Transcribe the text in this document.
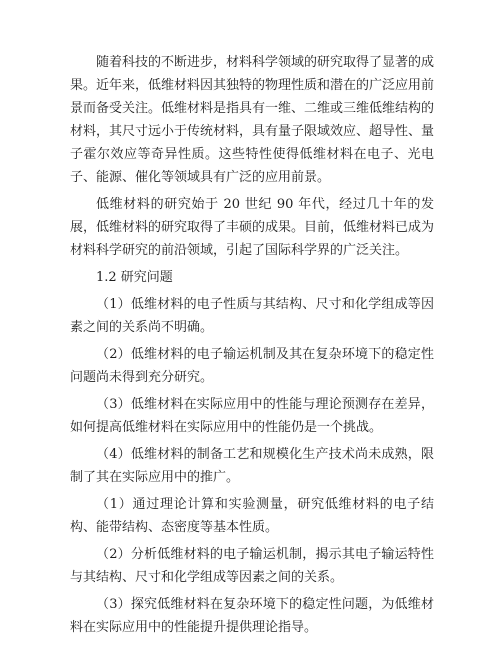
随着科技的不断进步，材料科学领域的研究取得了显著的成果。近年来，低维材料因其独特的物理性质和潜在的广泛应用前景而备受关注。低维材料是指具有一维、二维或三维低维结构的材料，其尺寸远小于传统材料，具有量子限域效应、超导性、量子霍尔效应等奇异性质。这些特性使得低维材料在电子、光电子、能源、催化等领域具有广泛的应用前景。

低维材料的研究始于 20 世纪 90 年代，经过几十年的发展，低维材料的研究取得了丰硕的成果。目前，低维材料已成为材料科学研究的前沿领域，引起了国际科学界的广泛关注。

1.2 研究问题

（1）低维材料的电子性质与其结构、尺寸和化学组成等因素之间的关系尚不明确。

（2）低维材料的电子输运机制及其在复杂环境下的稳定性问题尚未得到充分研究。

（3）低维材料在实际应用中的性能与理论预测存在差异，如何提高低维材料在实际应用中的性能仍是一个挑战。

（4）低维材料的制备工艺和规模化生产技术尚未成熟，限制了其在实际应用中的推广。

（1）通过理论计算和实验测量，研究低维材料的电子结构、能带结构、态密度等基本性质。

（2）分析低维材料的电子输运机制，揭示其电子输运特性与其结构、尺寸和化学组成等因素之间的关系。

（3）探究低维材料在复杂环境下的稳定性问题，为低维材料在实际应用中的性能提升提供理论指导。
